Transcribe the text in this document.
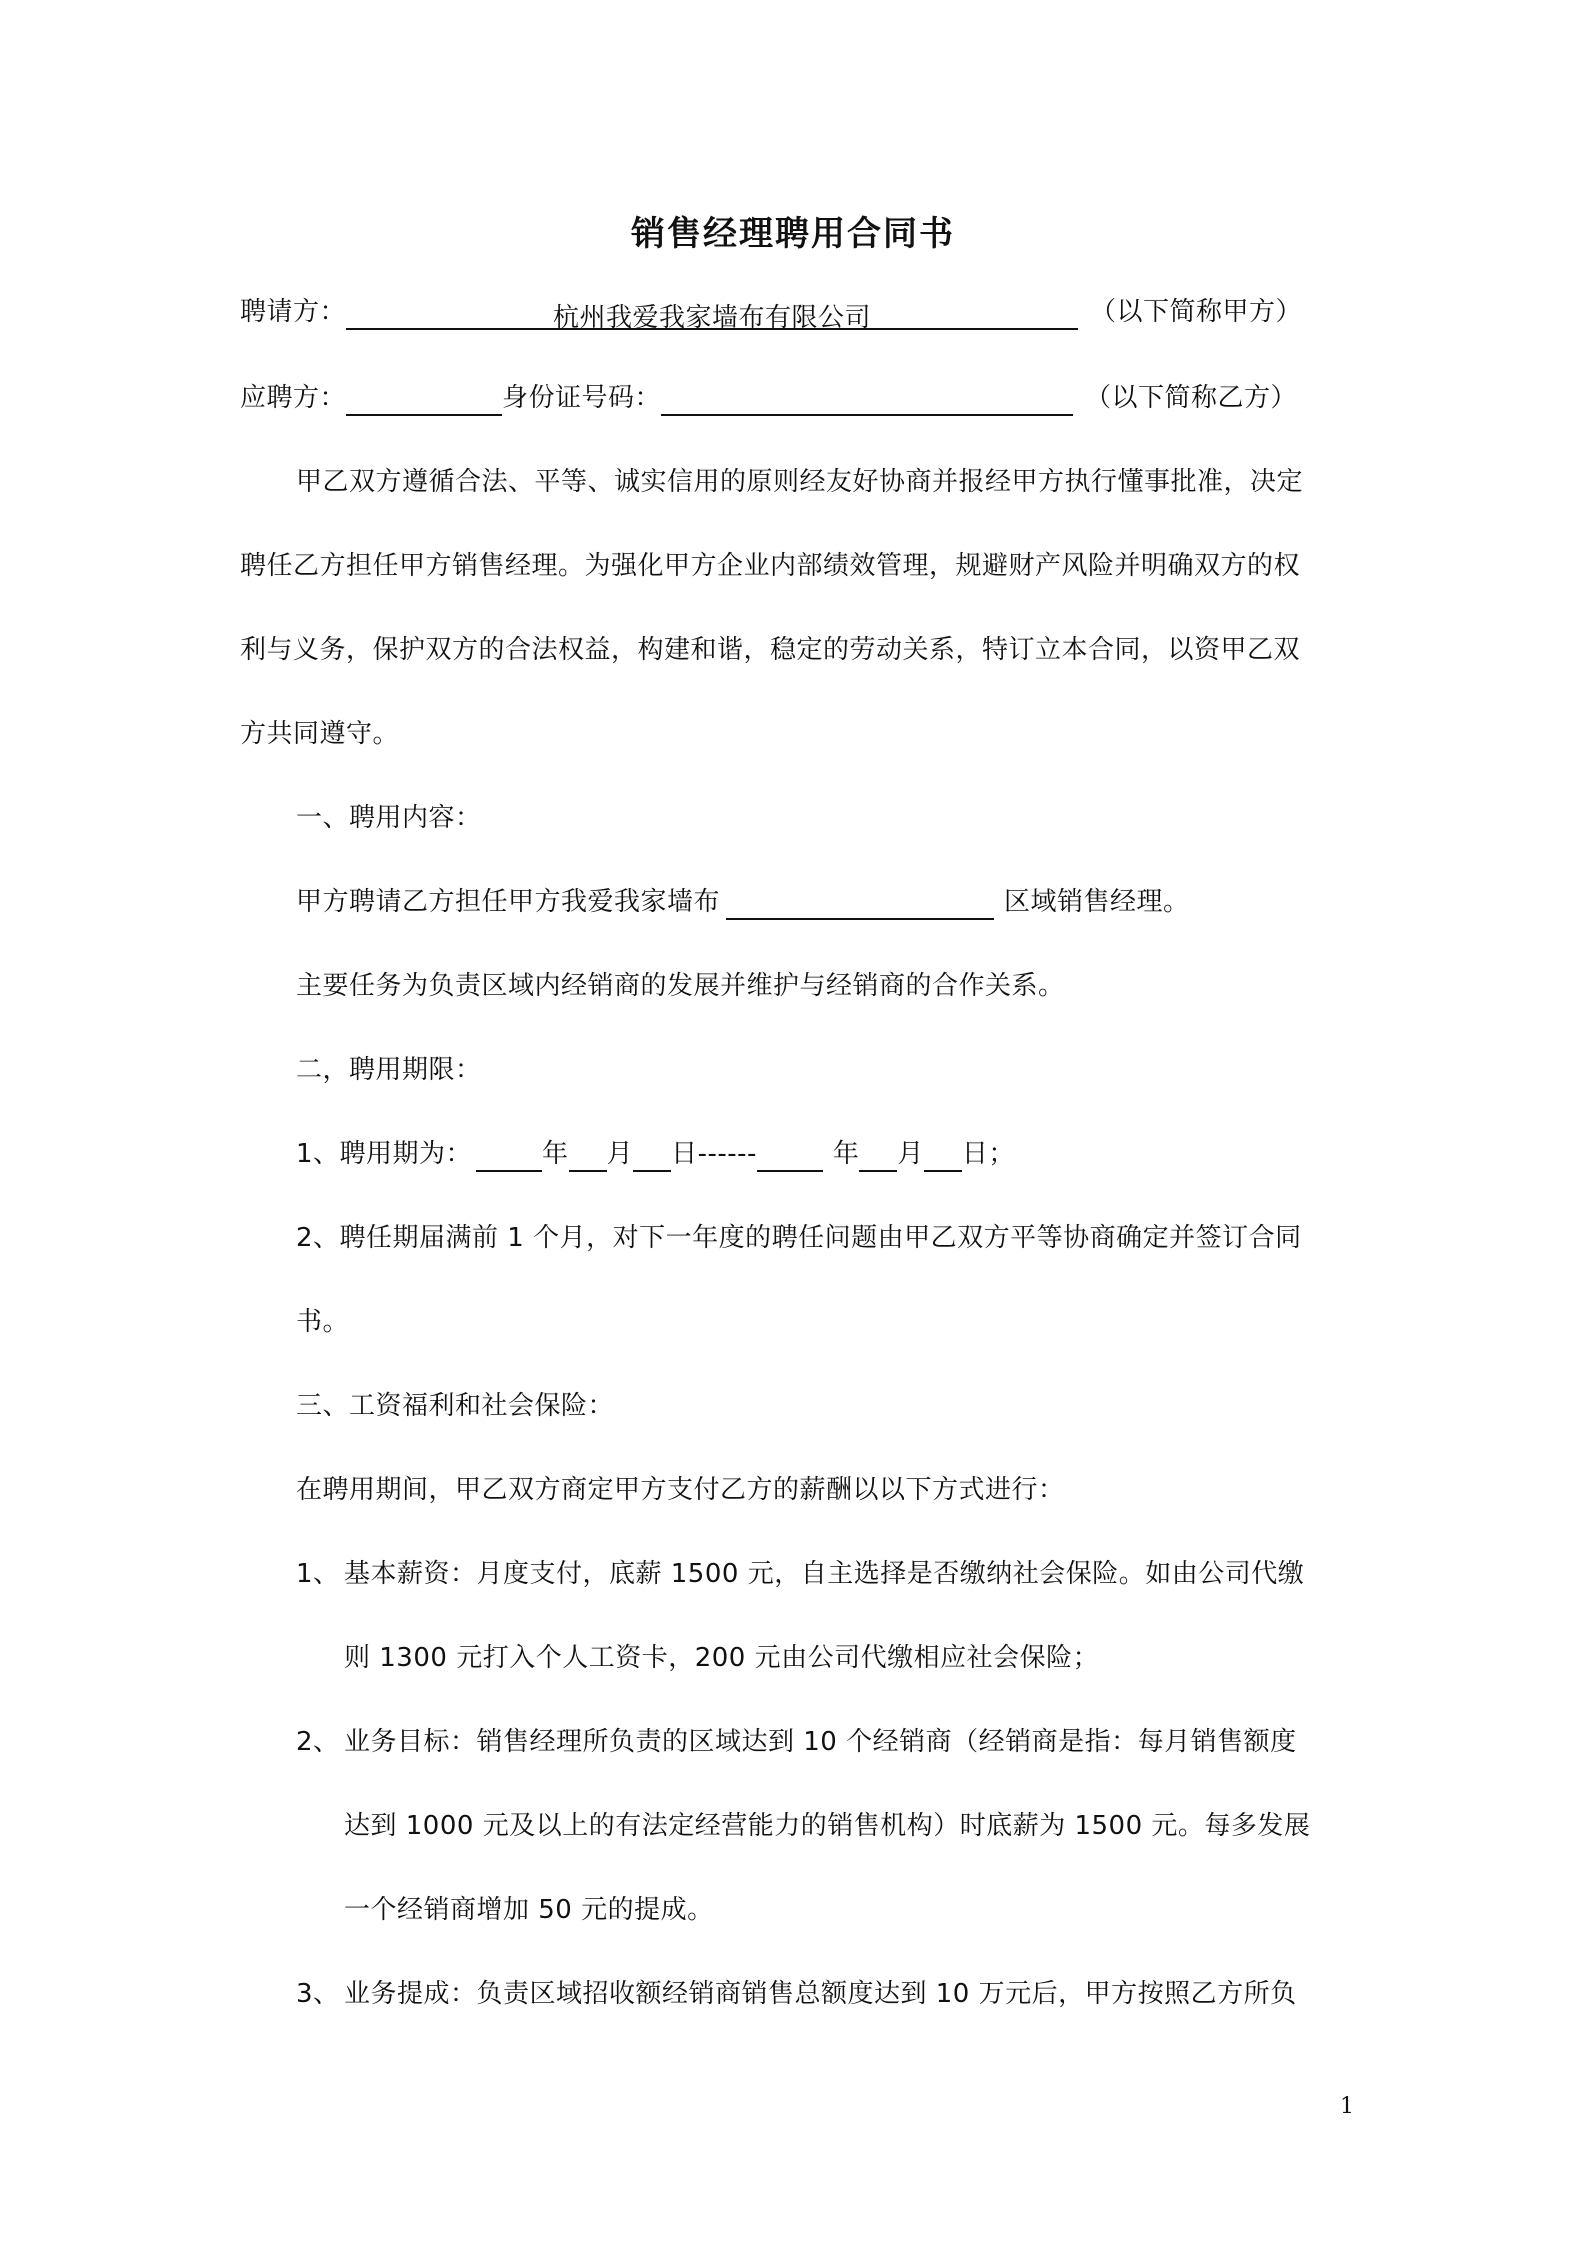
销售经理聘用合同书
聘请方：	杭州我爱我家墙布有限公司	（以下简称甲方）
应聘方：	身份证号码：	（以下简称乙方）
甲乙双方遵循合法、平等、诚实信用的原则经友好协商并报经甲方执行懂事批准，决定
聘任乙方担任甲方销售经理。为强化甲方企业内部绩效管理，规避财产风险并明确双方的权
利与义务，保护双方的合法权益，构建和谐，稳定的劳动关系，特订立本合同，以资甲乙双
方共同遵守。
一、聘用内容：
甲方聘请乙方担任甲方我爱我家墙布	区域销售经理。
主要任务为负责区域内经销商的发展并维护与经销商的合作关系。
二，聘用期限：
1、聘用期为：	年 月 日------	年 月 日；
2、聘任期届满前 1 个月，对下一年度的聘任问题由甲乙双方平等协商确定并签订合同
书。
三、工资福利和社会保险：
在聘用期间，甲乙双方商定甲方支付乙方的薪酬以以下方式进行：
1、 基本薪资：月度支付，底薪 1500 元，自主选择是否缴纳社会保险。如由公司代缴
则 1300 元打入个人工资卡，200 元由公司代缴相应社会保险；
2、 业务目标：销售经理所负责的区域达到 10 个经销商（经销商是指：每月销售额度
达到 1000 元及以上的有法定经营能力的销售机构）时底薪为 1500 元。每多发展
一个经销商增加 50 元的提成。
3、 业务提成：负责区域招收额经销商销售总额度达到 10 万元后，甲方按照乙方所负
1
